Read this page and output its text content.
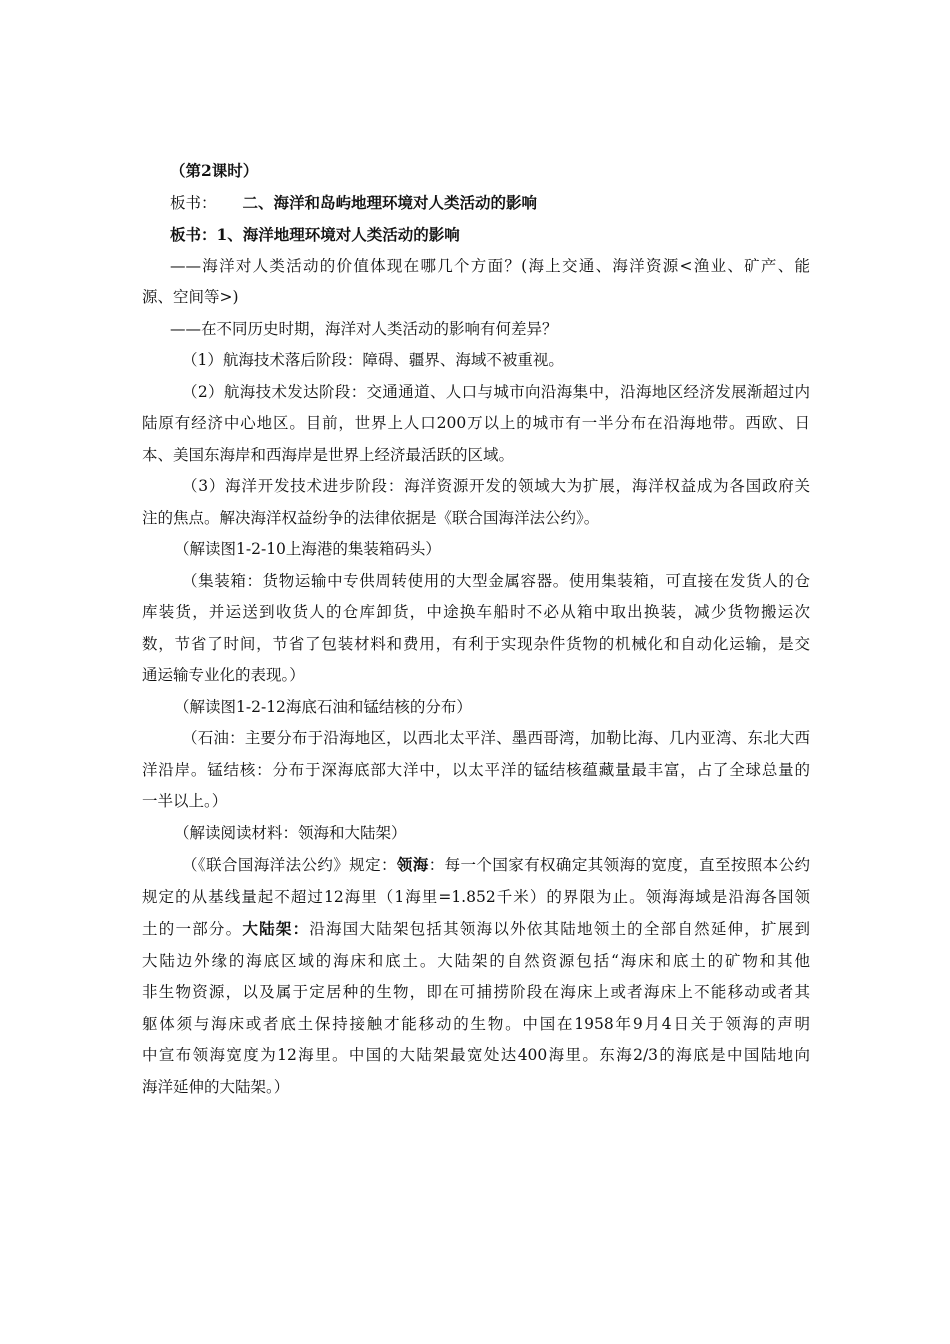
（第2课时）
板书： 二、海洋和岛屿地理环境对人类活动的影响
板书：1、海洋地理环境对人类活动的影响
——海洋对人类活动的价值体现在哪几个方面？(海上交通、海洋资源<渔业、矿产、能
源、空间等>)
——在不同历史时期，海洋对人类活动的影响有何差异？
（1）航海技术落后阶段：障碍、疆界、海域不被重视。
（2）航海技术发达阶段：交通通道、人口与城市向沿海集中，沿海地区经济发展渐超过内
陆原有经济中心地区。目前，世界上人口200万以上的城市有一半分布在沿海地带。西欧、日
本、美国东海岸和西海岸是世界上经济最活跃的区域。
（3）海洋开发技术进步阶段：海洋资源开发的领域大为扩展，海洋权益成为各国政府关
注的焦点。解决海洋权益纷争的法律依据是《联合国海洋法公约》。
（解读图1-2-10上海港的集装箱码头）
（集装箱：货物运输中专供周转使用的大型金属容器。使用集装箱，可直接在发货人的仓
库装货，并运送到收货人的仓库卸货，中途换车船时不必从箱中取出换装，减少货物搬运次
数，节省了时间，节省了包装材料和费用，有利于实现杂件货物的机械化和自动化运输，是交
通运输专业化的表现。）
（解读图1-2-12海底石油和锰结核的分布）
（石油：主要分布于沿海地区，以西北太平洋、墨西哥湾，加勒比海、几内亚湾、东北大西
洋沿岸。锰结核：分布于深海底部大洋中，以太平洋的锰结核蕴藏量最丰富，占了全球总量的
一半以上。）
（解读阅读材料：领海和大陆架）
（《联合国海洋法公约》规定：领海：每一个国家有权确定其领海的宽度，直至按照本公约
规定的从基线量起不超过12海里（1海里=1.852千米）的界限为止。领海海域是沿海各国领
土的一部分。大陆架：沿海国大陆架包括其领海以外依其陆地领土的全部自然延伸，扩展到
大陆边外缘的海底区域的海床和底土。大陆架的自然资源包括“海床和底土的矿物和其他
非生物资源，以及属于定居种的生物，即在可捕捞阶段在海床上或者海床上不能移动或者其
躯体须与海床或者底土保持接触才能移动的生物。中国在1958年9月4日关于领海的声明
中宣布领海宽度为12海里。中国的大陆架最宽处达400海里。东海2/3的海底是中国陆地向
海洋延伸的大陆架。）
